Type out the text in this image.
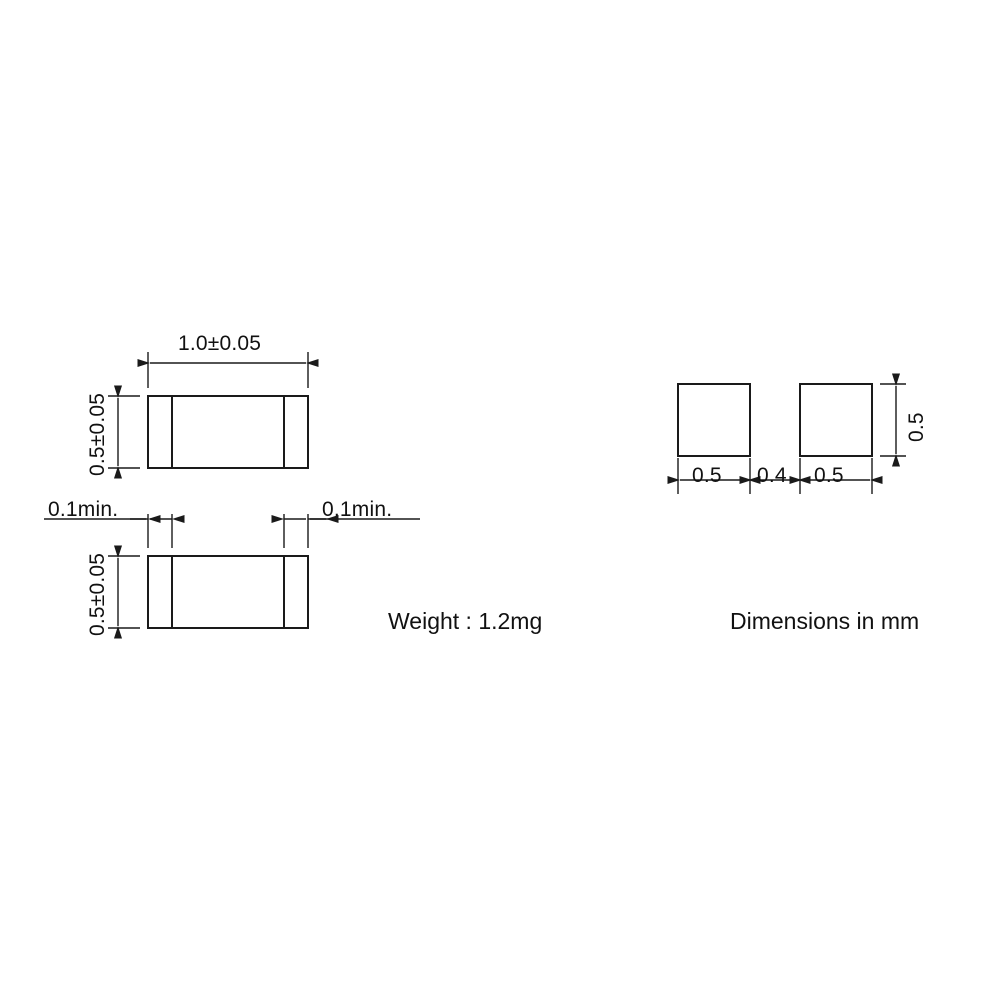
1.0±0.05
0.5±0.05
0.1min.	0.1min.
0.5±0.05
0.5 0.4 0.5
0.5
Weight : 1.2mg	Dimensions in mm
